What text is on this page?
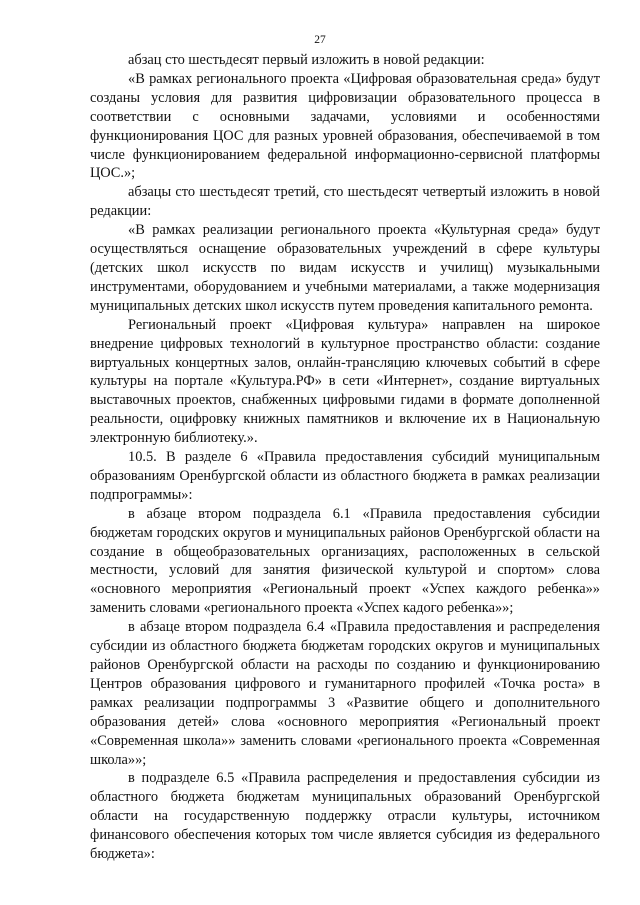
27

абзац сто шестьдесят первый изложить в новой редакции:

«В рамках регионального проекта «Цифровая образовательная среда» будут созданы условия для развития цифровизации образовательного процесса в соответствии с основными задачами, условиями и особенностями функционирования ЦОС для разных уровней образования, обеспечиваемой в том числе функционированием федеральной информационно-сервисной платформы ЦОС.»;

абзацы сто шестьдесят третий, сто шестьдесят четвертый изложить в новой редакции:

«В рамках реализации регионального проекта «Культурная среда» будут осуществляться оснащение образовательных учреждений в сфере культуры (детских школ искусств по видам искусств и училищ) музыкальными инструментами, оборудованием и учебными материалами, а также модернизация муниципальных детских школ искусств путем проведения капитального ремонта.

Региональный проект «Цифровая культура» направлен на широкое внедрение цифровых технологий в культурное пространство области: создание виртуальных концертных залов, онлайн-трансляцию ключевых событий в сфере культуры на портале «Культура.РФ» в сети «Интернет», создание виртуальных выставочных проектов, снабженных цифровыми гидами в формате дополненной реальности, оцифровку книжных памятников и включение их в Национальную электронную библиотеку.».

10.5. В разделе 6 «Правила предоставления субсидий муниципальным образованиям Оренбургской области из областного бюджета в рамках реализации подпрограммы»:

в абзаце втором подраздела 6.1 «Правила предоставления субсидии бюджетам городских округов и муниципальных районов Оренбургской области на создание в общеобразовательных организациях, расположенных в сельской местности, условий для занятия физической культурой и спортом» слова «основного мероприятия «Региональный проект «Успех каждого ребенка»» заменить словами «регионального проекта «Успех кадого ребенка»»;

в абзаце втором подраздела 6.4 «Правила предоставления и распределения субсидии из областного бюджета бюджетам городских округов и муниципальных районов Оренбургской области на расходы по созданию и функционированию Центров образования цифрового и гуманитарного профилей «Точка роста» в рамках реализации подпрограммы 3 «Развитие общего и дополнительного образования детей» слова «основного мероприятия «Региональный проект «Современная школа»» заменить словами «регионального проекта «Современная школа»»;

в подразделе 6.5 «Правила распределения и предоставления субсидии из областного бюджета бюджетам муниципальных образований Оренбургской области на государственную поддержку отрасли культуры, источником финансового обеспечения которых том числе является субсидия из федерального бюджета»:
